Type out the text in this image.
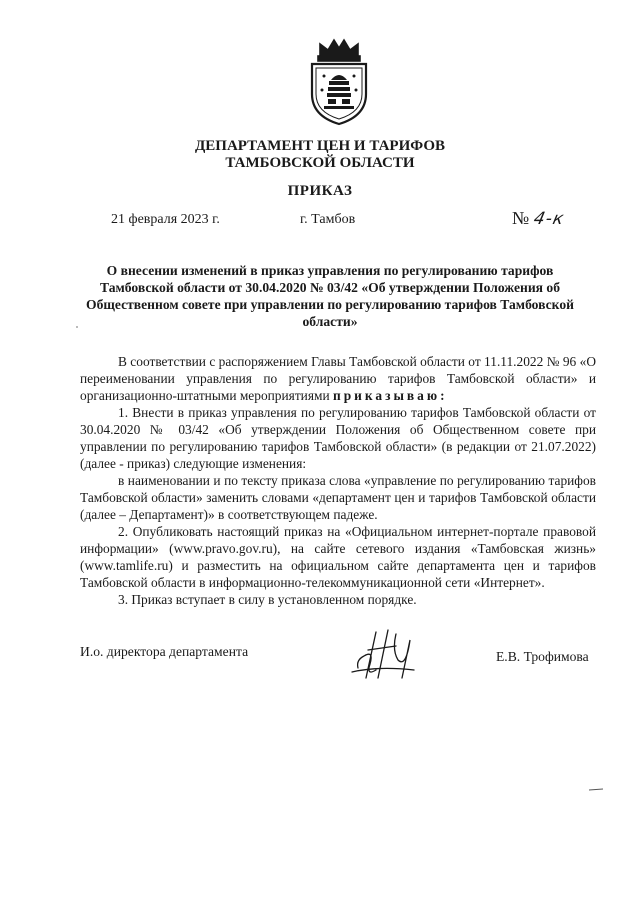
ДЕПАРТАМЕНТ ЦЕН И ТАРИФОВ
ТАМБОВСКОЙ ОБЛАСТИ
ПРИКАЗ
21 февраля 2023 г.	г. Тамбов	№ 4-к
О внесении изменений в приказ управления по регулированию тарифов Тамбовской области от 30.04.2020 № 03/42 «Об утверждении Положения об Общественном совете при управлении по регулированию тарифов Тамбовской области»

В соответствии с распоряжением Главы Тамбовской области от 11.11.2022 № 96 «О переименовании управления по регулированию тарифов Тамбовской области» и организационно-штатными мероприятиями приказываю:

1. Внести в приказ управления по регулированию тарифов Тамбовской области от 30.04.2020 № 03/42 «Об утверждении Положения об Общественном совете при управлении по регулированию тарифов Тамбовской области» (в редакции от 21.07.2022) (далее - приказ) следующие изменения:

в наименовании и по тексту приказа слова «управление по регулированию тарифов Тамбовской области» заменить словами «департамент цен и тарифов Тамбовской области (далее – Департамент)» в соответствующем падеже.

2. Опубликовать настоящий приказ на «Официальном интернет-портале правовой информации» (www.pravo.gov.ru), на сайте сетевого издания «Тамбовская жизнь» (www.tamlife.ru) и разместить на официальном сайте департамента цен и тарифов Тамбовской области в информационно-телекоммуникационной сети «Интернет».

3. Приказ вступает в силу в установленном порядке.

И.о. директора департамента	Е.В. Трофимова
